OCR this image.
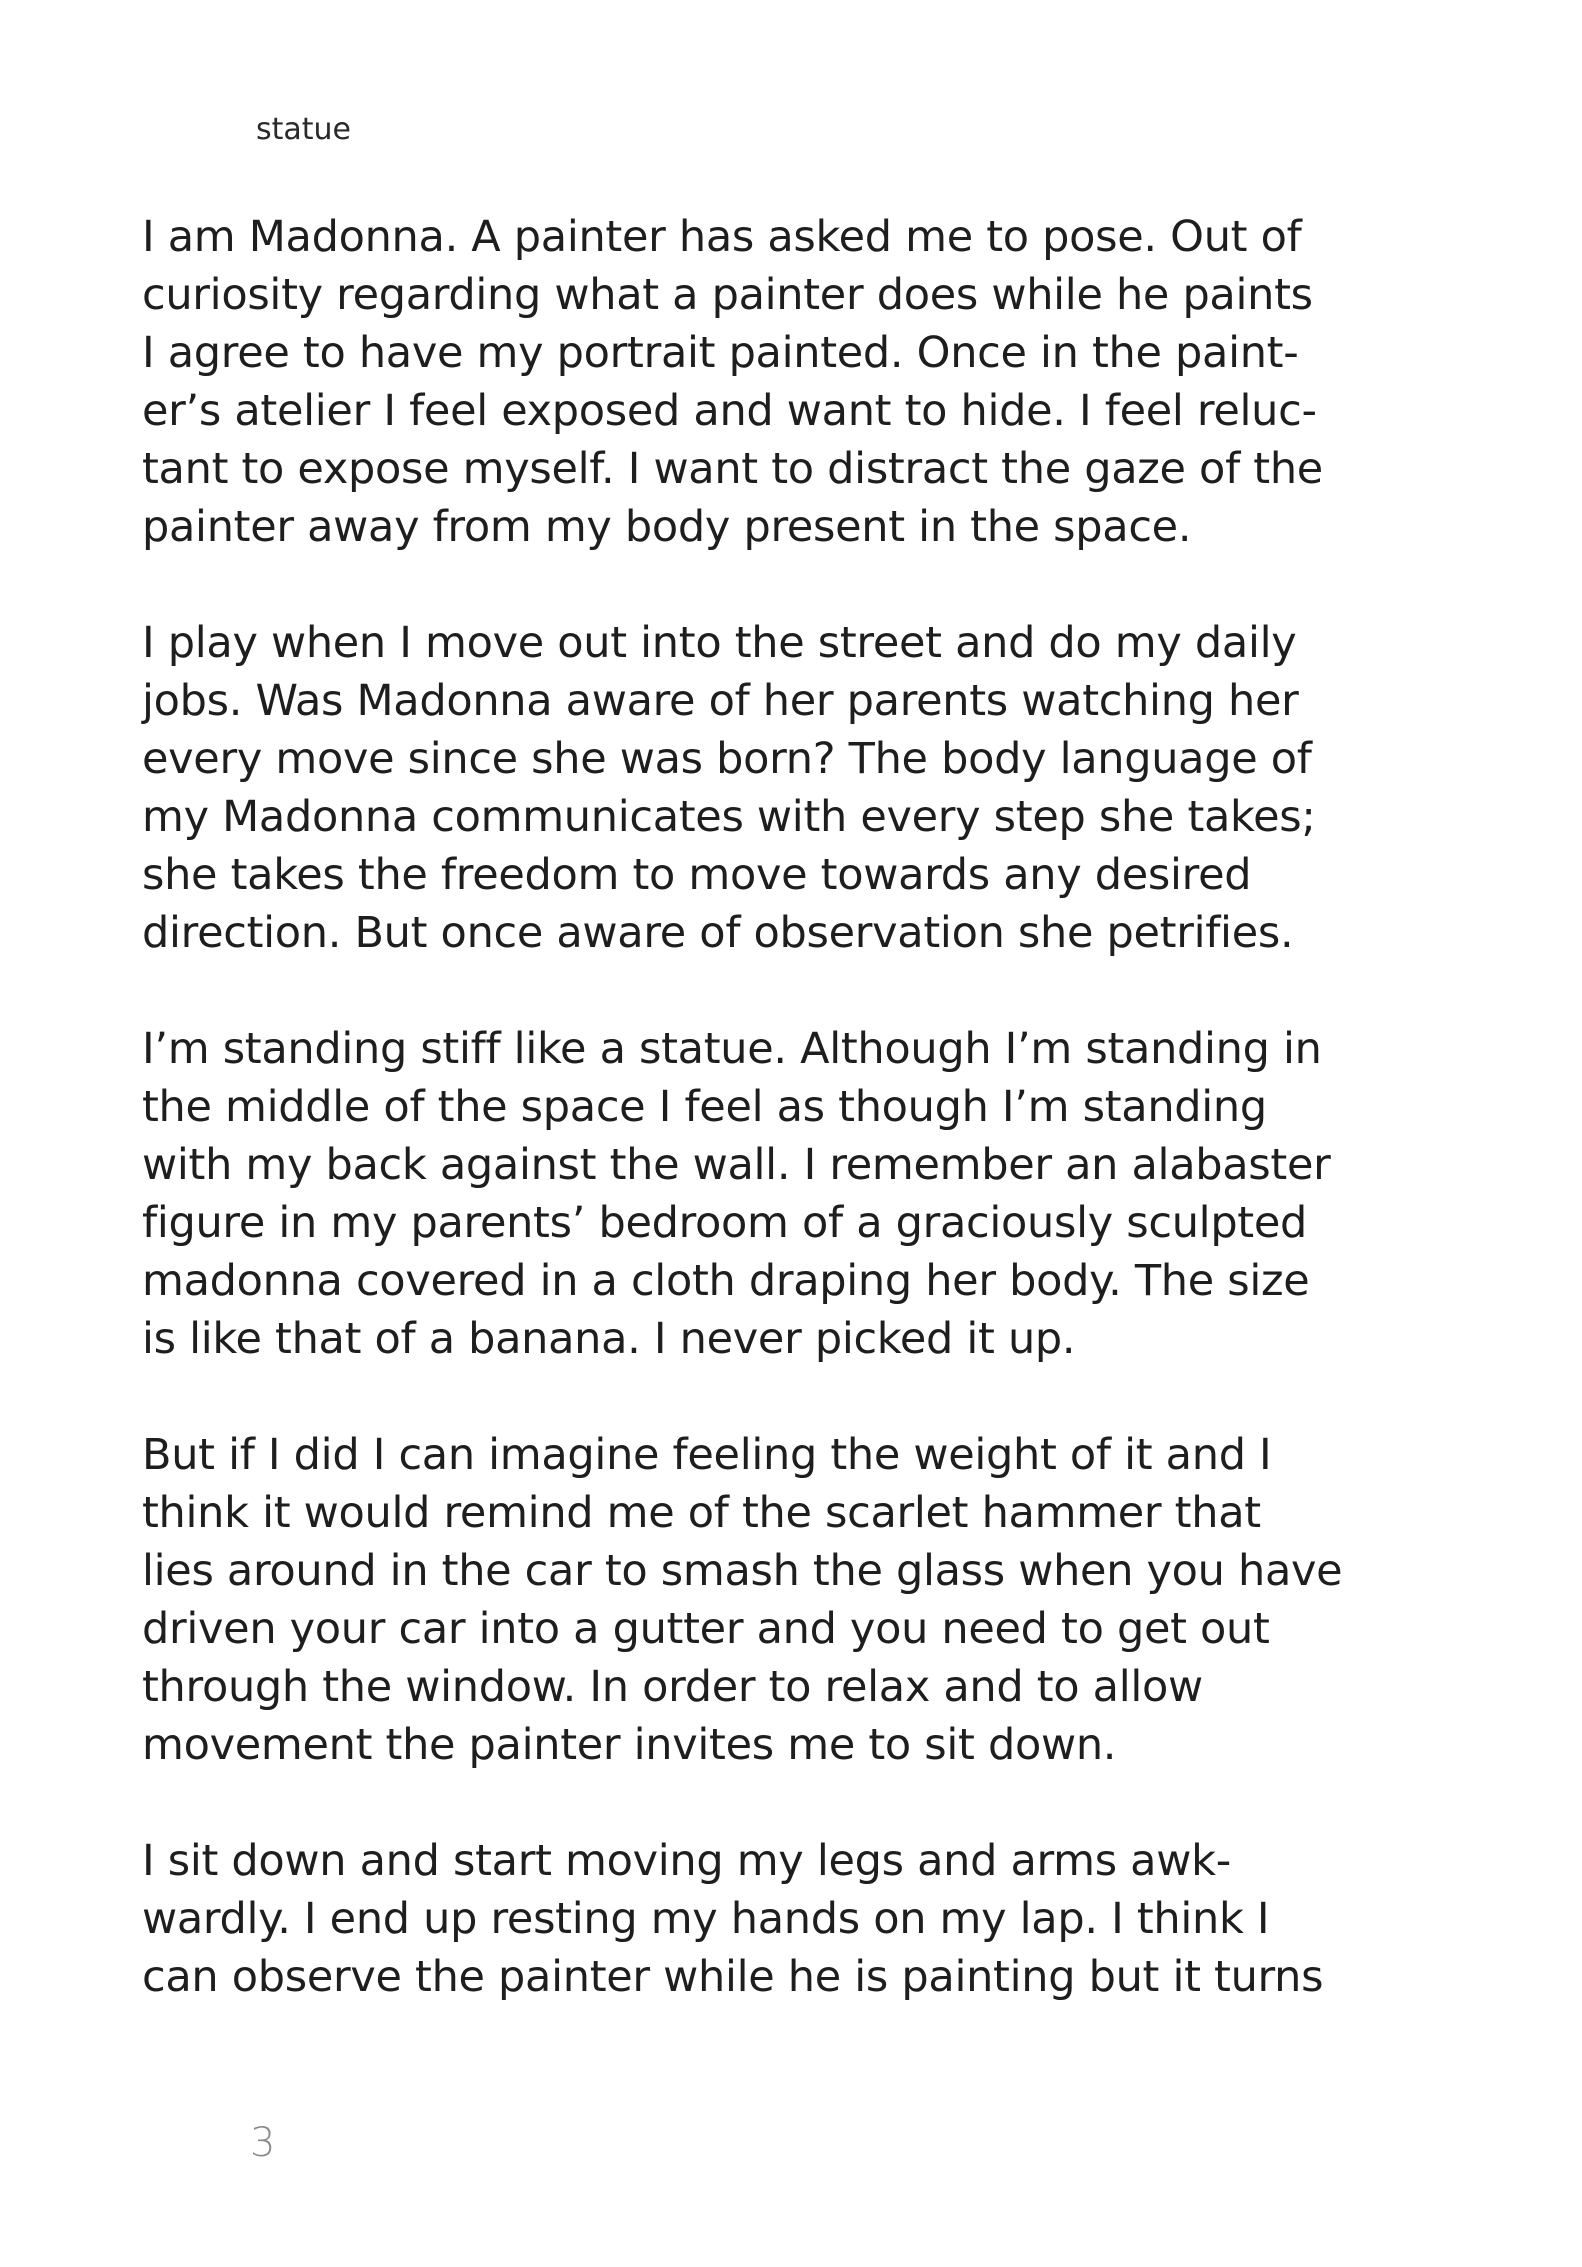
statue
I am Madonna. A painter has asked me to pose. Out of
curiosity regarding what a painter does while he paints
I agree to have my portrait painted. Once in the paint-
er’s atelier I feel exposed and want to hide. I feel reluc-
tant to expose myself. I want to distract the gaze of the
painter away from my body present in the space.
I play when I move out into the street and do my daily
jobs. Was Madonna aware of her parents watching her
every move since she was born? The body language of
my Madonna communicates with every step she takes;
she takes the freedom to move towards any desired
direction. But once aware of observation she petrifies.
I’m standing stiff like a statue. Although I’m standing in
the middle of the space I feel as though I’m standing
with my back against the wall. I remember an alabaster
figure in my parents’ bedroom of a graciously sculpted
madonna covered in a cloth draping her body. The size
is like that of a banana. I never picked it up.
But if I did I can imagine feeling the weight of it and I
think it would remind me of the scarlet hammer that
lies around in the car to smash the glass when you have
driven your car into a gutter and you need to get out
through the window. In order to relax and to allow
movement the painter invites me to sit down.
I sit down and start moving my legs and arms awk-
wardly. I end up resting my hands on my lap. I think I
can observe the painter while he is painting but it turns
3
